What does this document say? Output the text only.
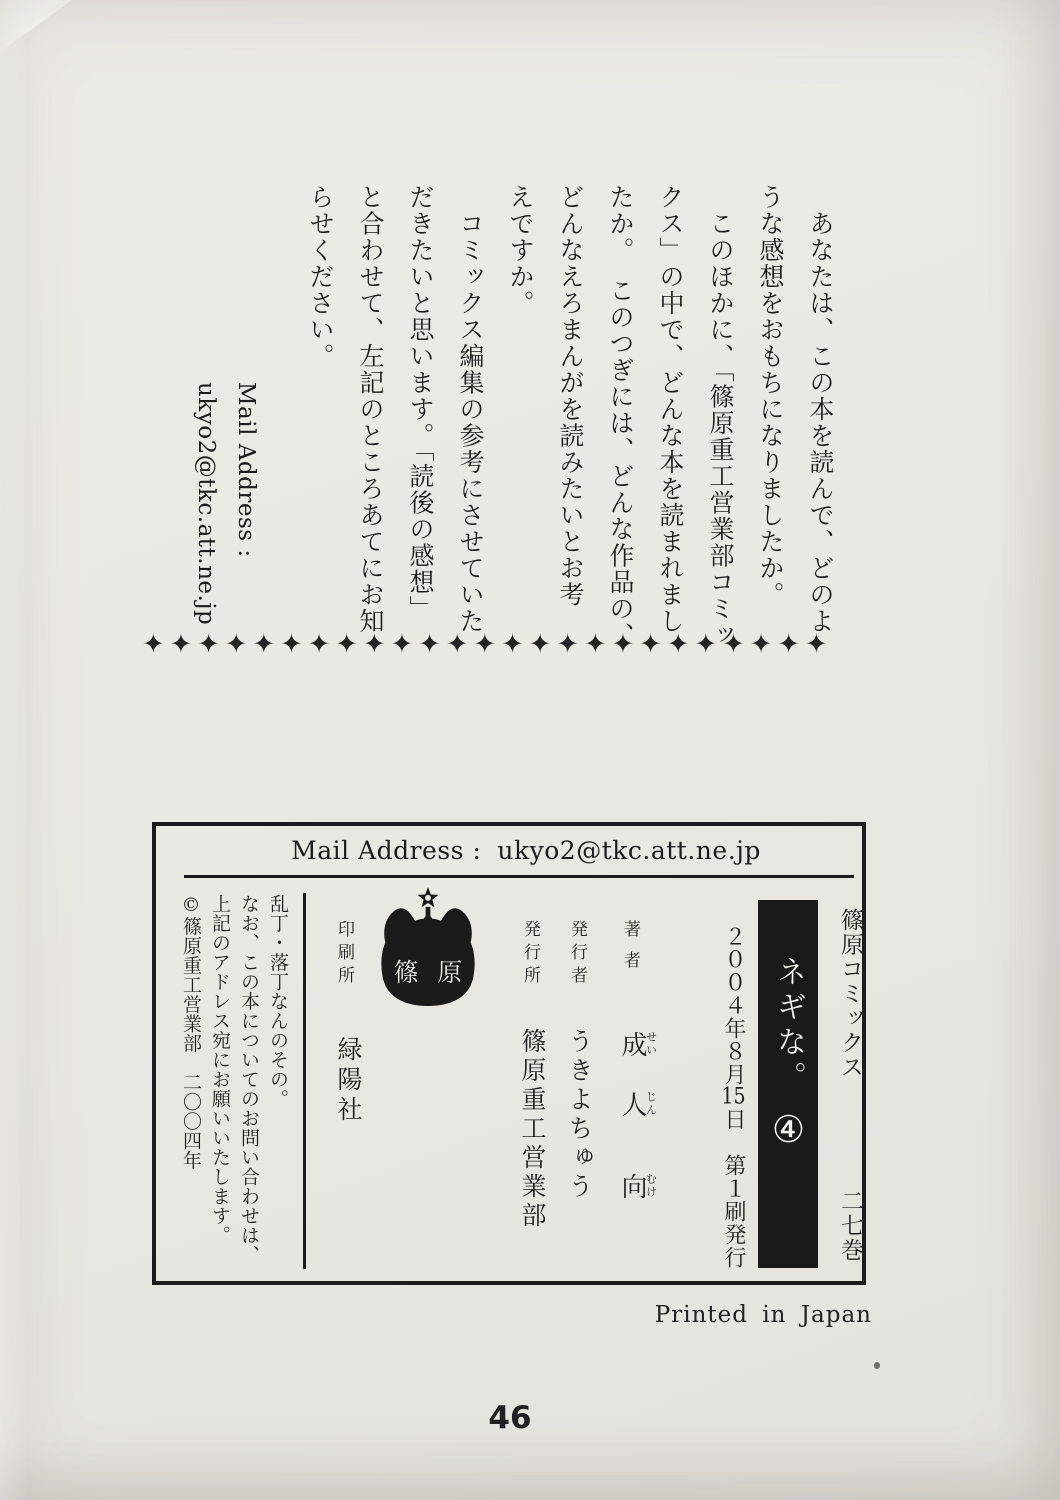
　あなたは、この本を読んで、どのよ
うな感想をおもちになりましたか。
　このほかに、「篠原重工営業部コミッ
クス」の中で、どんな本を読まれまし
たか。　このつぎには、どんな作品の、
どんなえろまんがを読みたいとお考
えですか。
　コミックス編集の参考にさせていた
だきたいと思います。「読後の感想」
と合わせて、左記のところあてにお知
らせください。
Mail Address :
ukyo2@tkc.att.ne.jp
✦✦✦✦✦✦✦✦✦✦✦✦✦✦✦✦✦✦✦✦✦✦✦✦✦
Mail Address : ukyo2@tkc.att.ne.jp
篠原コミックス
二七巻
ネギな。④
２００４年８月15日　第１刷発行
著者
発行者
発行所
印刷所
成せい人じん向むけ
うきよちゅう
篠原重工営業部
緑陽社
篠 原
乱丁・落丁なんのその。
なお、この本についてのお問い合わせは、
上記のアドレス宛にお願いいたします。
©篠原重工営業部　二〇〇四年
Printed in Japan
46
